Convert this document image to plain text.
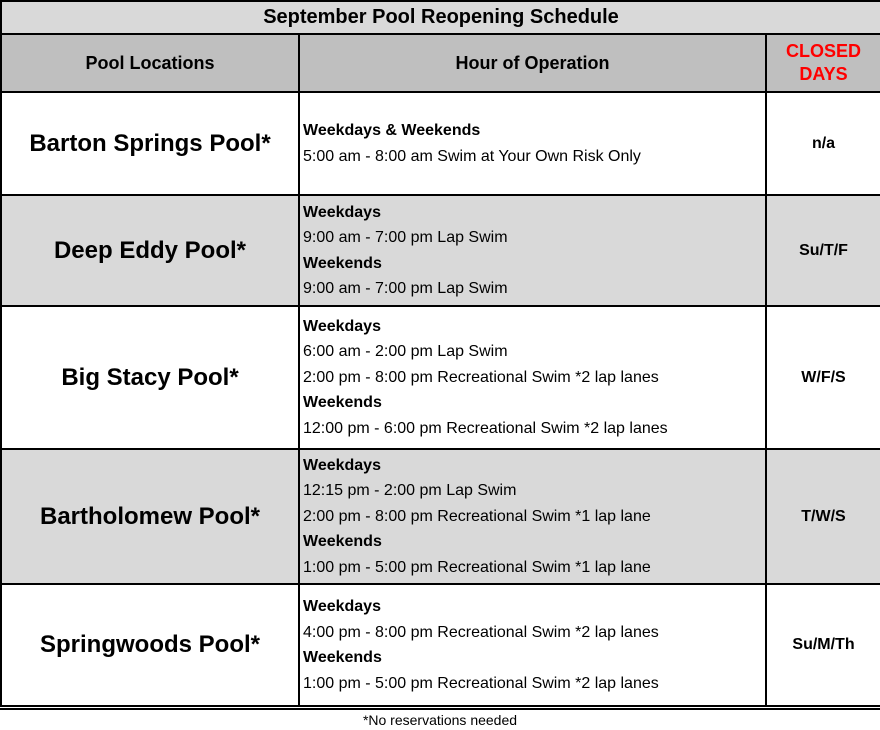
September Pool Reopening Schedule		
Pool Locations	Hour of Operation	CLOSED
DAYS
Barton Springs Pool*	Weekdays & Weekends
5:00 am - 8:00 am Swim at Your Own Risk Only	n/a
Deep Eddy Pool*	Weekdays
9:00 am - 7:00 pm Lap Swim
Weekends
9:00 am - 7:00 pm Lap Swim	Su/T/F
Big Stacy Pool*	Weekdays
6:00 am - 2:00 pm Lap Swim
2:00 pm - 8:00 pm Recreational Swim *2 lap lanes
Weekends
12:00 pm - 6:00 pm Recreational Swim *2 lap lanes	W/F/S
Bartholomew Pool*	Weekdays
12:15 pm - 2:00 pm Lap Swim
2:00 pm - 8:00 pm Recreational Swim *1 lap lane
Weekends
1:00 pm - 5:00 pm Recreational Swim *1 lap lane	T/W/S
Springwoods Pool*	Weekdays
4:00 pm - 8:00 pm Recreational Swim *2 lap lanes
Weekends
1:00 pm - 5:00 pm Recreational Swim *2 lap lanes	Su/M/Th
*No reservations needed
